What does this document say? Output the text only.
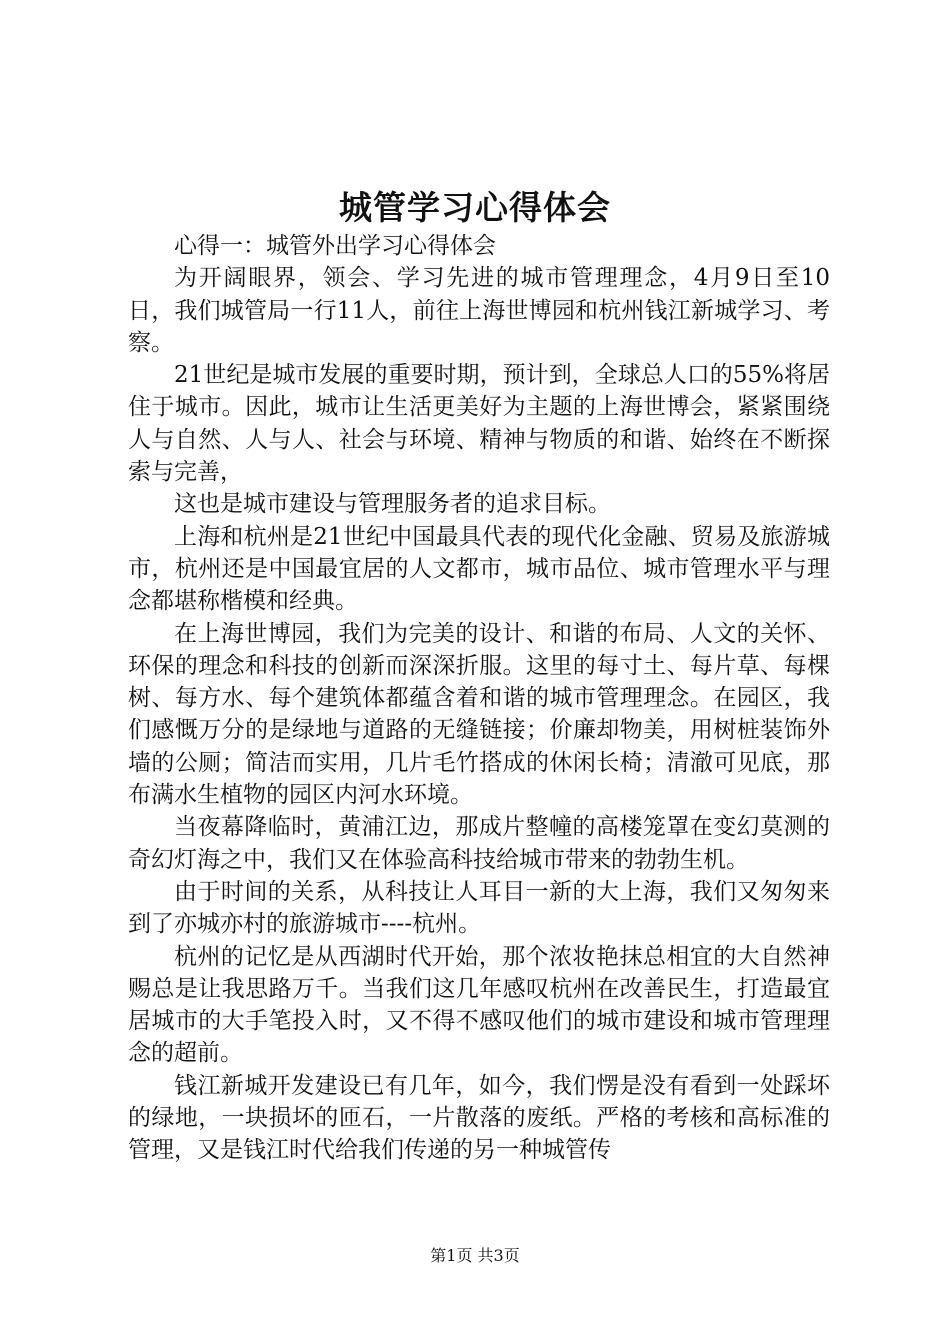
城管学习心得体会

心得一：城管外出学习心得体会

为开阔眼界，领会、学习先进的城市管理理念，4月9日至10日，我们城管局一行11人，前往上海世博园和杭州钱江新城学习、考察。

21世纪是城市发展的重要时期，预计到，全球总人口的55%将居住于城市。因此，城市让生活更美好为主题的上海世博会，紧紧围绕人与自然、人与人、社会与环境、精神与物质的和谐、始终在不断探索与完善，

这也是城市建设与管理服务者的追求目标。

上海和杭州是21世纪中国最具代表的现代化金融、贸易及旅游城市，杭州还是中国最宜居的人文都市，城市品位、城市管理水平与理念都堪称楷模和经典。

在上海世博园，我们为完美的设计、和谐的布局、人文的关怀、环保的理念和科技的创新而深深折服。这里的每寸土、每片草、每棵树、每方水、每个建筑体都蕴含着和谐的城市管理理念。在园区，我们感慨万分的是绿地与道路的无缝链接；价廉却物美，用树桩装饰外墙的公厕；简洁而实用，几片毛竹搭成的休闲长椅；清澈可见底，那布满水生植物的园区内河水环境。

当夜幕降临时，黄浦江边，那成片整幢的高楼笼罩在变幻莫测的奇幻灯海之中，我们又在体验高科技给城市带来的勃勃生机。

由于时间的关系，从科技让人耳目一新的大上海，我们又匆匆来到了亦城亦村的旅游城市----杭州。

杭州的记忆是从西湖时代开始，那个浓妆艳抹总相宜的大自然神赐总是让我思路万千。当我们这几年感叹杭州在改善民生，打造最宜居城市的大手笔投入时，又不得不感叹他们的城市建设和城市管理理念的超前。

钱江新城开发建设已有几年，如今，我们愣是没有看到一处踩坏的绿地，一块损坏的匝石，一片散落的废纸。严格的考核和高标准的管理，又是钱江时代给我们传递的另一种城管传

第1页 共3页
